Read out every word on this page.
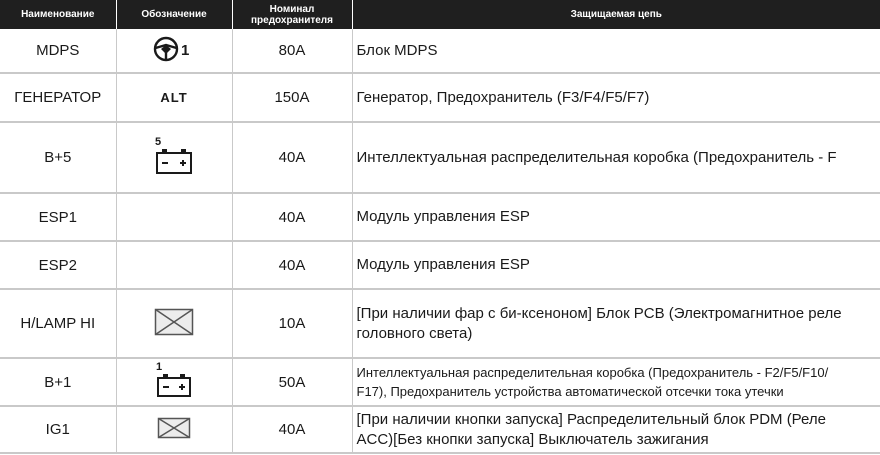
Наименование	Обозначение	Номинал предохранителя	Защищаемая цепь
MDPS	1	80A	Блок MDPS

ГЕНЕРАТОР	ALT	150A	Генератор, Предохранитель (F3/F4/F5/F7)

B+5	5	40A	Интеллектуальная распределительная коробка (Предохранитель - F

ESP1		40A	Модуль управления ESP

ESP2		40A	Модуль управления ESP

H/LAMP HI		10A	[При наличии фар с би-ксеноном] Блок PCB (Электромагнитное реле
головного света)

B+1	1	50A	Интеллектуальная распределительная коробка (Предохранитель - F2/F5/F10/
F17), Предохранитель устройства автоматической отсечки тока утечки

IG1		40A	[При наличии кнопки запуска] Распределительный блок PDM (Реле
ACC)[Без кнопки запуска] Выключатель зажигания
